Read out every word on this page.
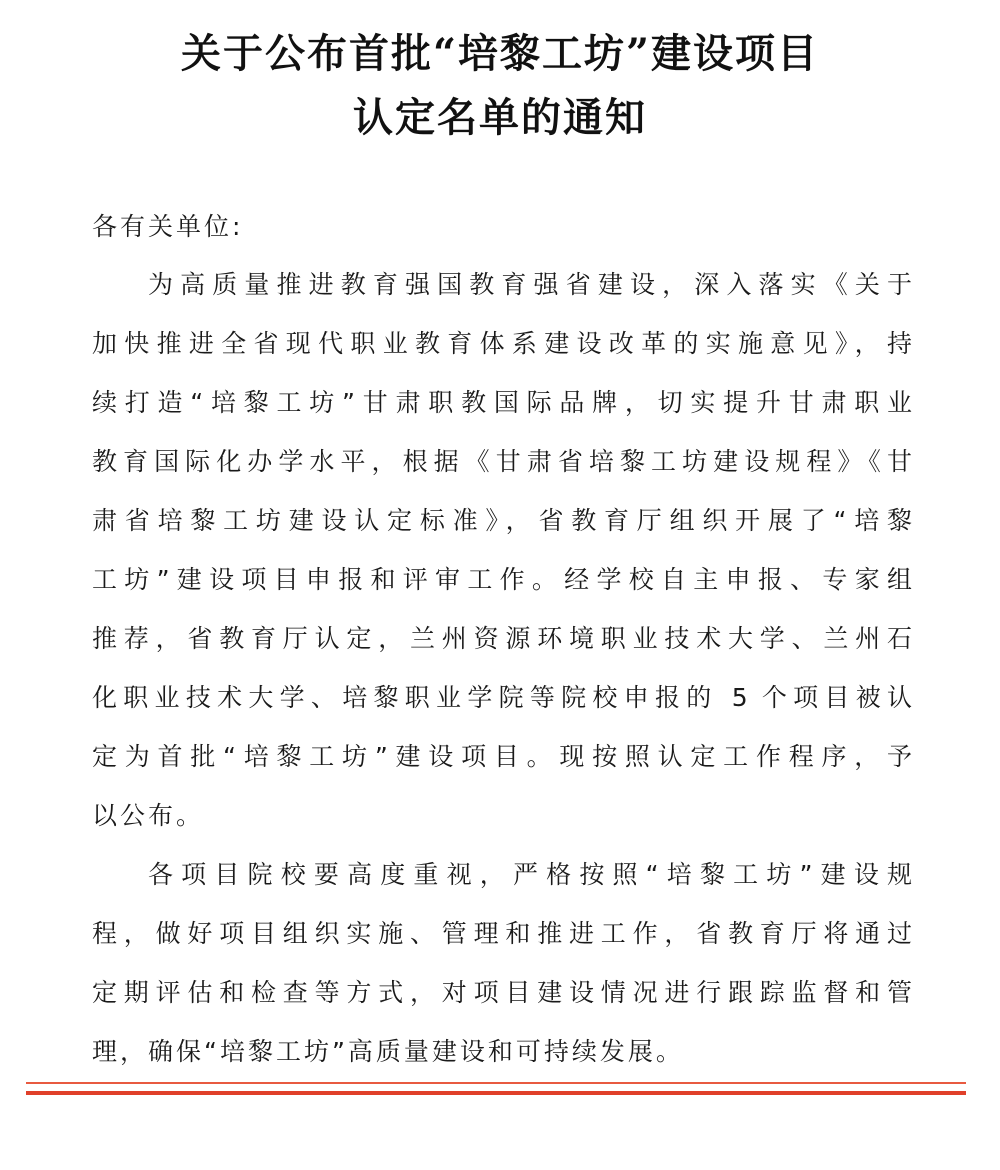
关于公布首批“培黎工坊”建设项目
认定名单的通知
各有关单位:
为高质量推进教育强国教育强省建设，深入落实《关于
加快推进全省现代职业教育体系建设改革的实施意见》，持
续打造“培黎工坊”甘肃职教国际品牌，切实提升甘肃职业
教育国际化办学水平，根据《甘肃省培黎工坊建设规程》《甘
肃省培黎工坊建设认定标准》，省教育厅组织开展了“培黎
工坊”建设项目申报和评审工作。经学校自主申报、专家组
推荐，省教育厅认定，兰州资源环境职业技术大学、兰州石
化职业技术大学、培黎职业学院等院校申报的 5 个项目被认
定为首批“培黎工坊”建设项目。现按照认定工作程序，予
以公布。
各项目院校要高度重视，严格按照“培黎工坊”建设规
程，做好项目组织实施、管理和推进工作，省教育厅将通过
定期评估和检查等方式，对项目建设情况进行跟踪监督和管
理，确保“培黎工坊”高质量建设和可持续发展。
